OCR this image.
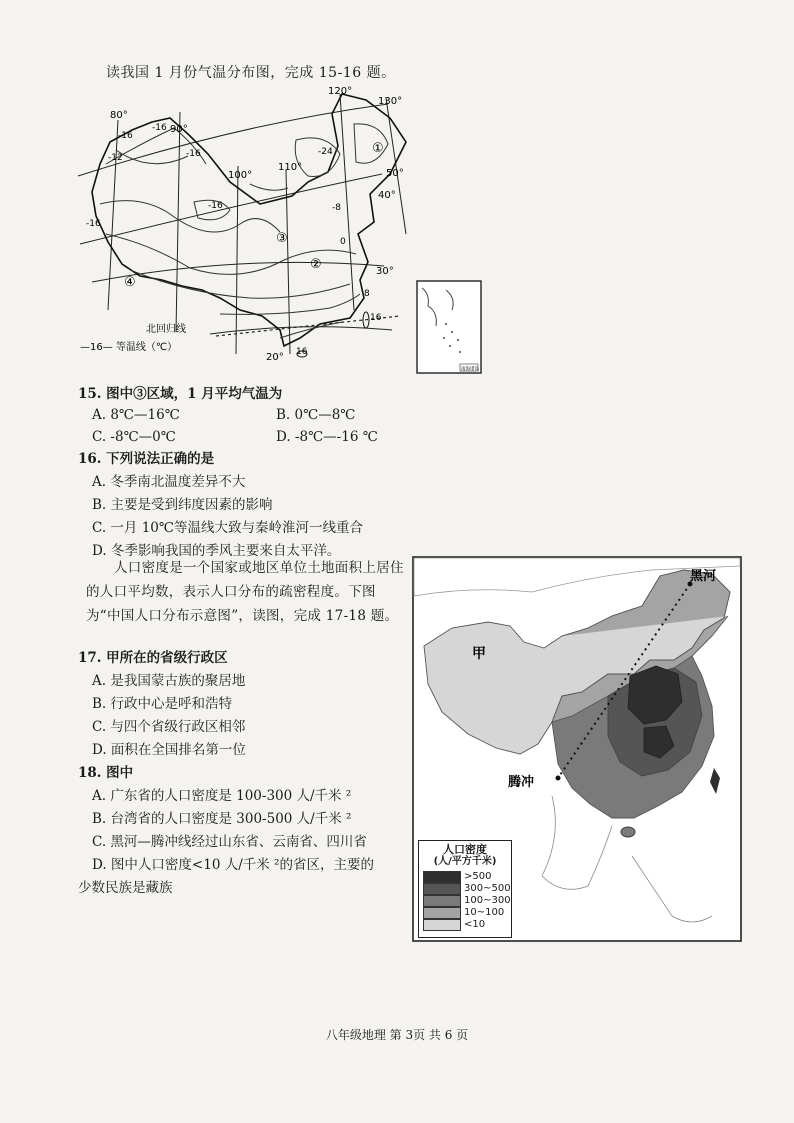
读我国 1 月份气温分布图，完成 15-16 题。
80°
90°
100°
110°
120°
130°
50°
40°
30°
20°
-16
-12
-16
-16
-16
-24
-16
-8
0
8
16
16
①
②
③
④
北回归线
—16— 等温线（℃）
南海诸岛
15. 图中③区域，1 月平均气温为
A. 8℃—16℃	B. 0℃—8℃
C. -8℃—0℃	D. -8℃—-16 ℃
16. 下列说法正确的是
A. 冬季南北温度差异不大
B. 主要是受到纬度因素的影响
C. 一月 10℃等温线大致与秦岭淮河一线重合
D. 冬季影响我国的季风主要来自太平洋。
人口密度是一个国家或地区单位土地面积上居住的人口平均数，表示人口分布的疏密程度。下图为“中国人口分布示意图”，读图，完成 17-18 题。
17. 甲所在的省级行政区
A. 是我国蒙古族的聚居地
B. 行政中心是呼和浩特
C. 与四个省级行政区相邻
D. 面积在全国排名第一位
18. 图中
A. 广东省的人口密度是 100-300 人/千米 ²
B. 台湾省的人口密度是 300-500 人/千米 ²
C. 黑河—腾冲线经过山东省、云南省、四川省
D. 图中人口密度<10 人/千米 ²的省区，主要的
少数民族是藏族
黑河
腾冲
甲
人口密度
(人/平方千米)
>500
300~500
100~300
10~100
<10
八年级地理 第 3页 共 6 页
